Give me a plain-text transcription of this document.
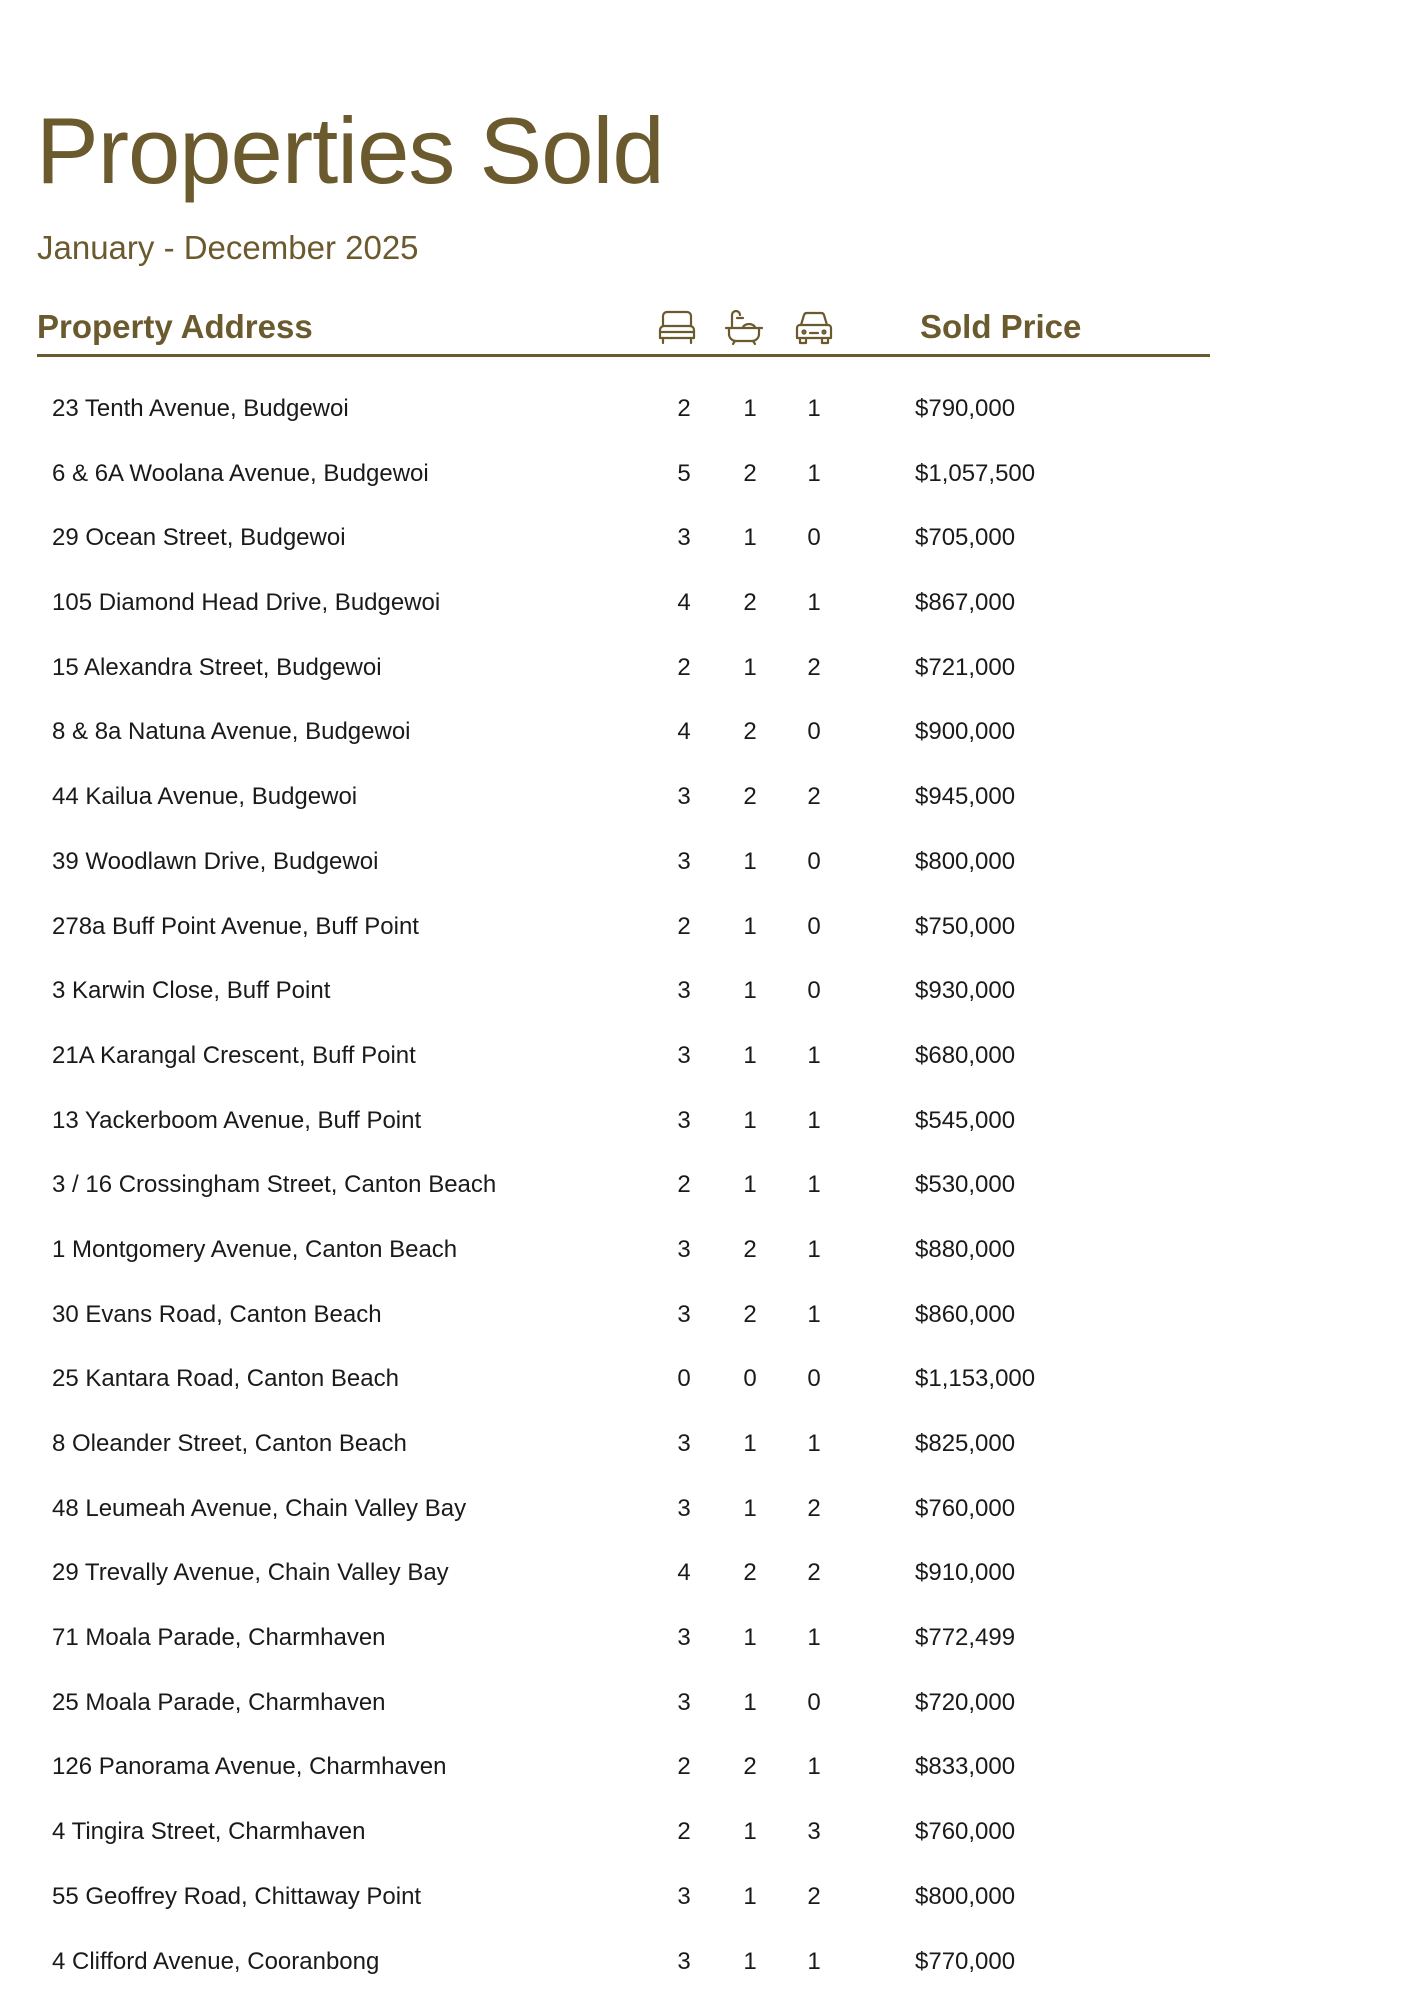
Properties Sold

January - December 2025

Property Address	Sold Price
23 Tenth Avenue, Budgewoi	2 1 1	$790,000
6 & 6A Woolana Avenue, Budgewoi	5 2 1	$1,057,500
29 Ocean Street, Budgewoi	3 1 0	$705,000
105 Diamond Head Drive, Budgewoi	4 2 1	$867,000
15 Alexandra Street, Budgewoi	2 1 2	$721,000
8 & 8a Natuna Avenue, Budgewoi	4 2 0	$900,000
44 Kailua Avenue, Budgewoi	3 2 2	$945,000
39 Woodlawn Drive, Budgewoi	3 1 0	$800,000
278a Buff Point Avenue, Buff Point	2 1 0	$750,000
3 Karwin Close, Buff Point	3 1 0	$930,000
21A Karangal Crescent, Buff Point	3 1 1	$680,000
13 Yackerboom Avenue, Buff Point	3 1 1	$545,000
3 / 16 Crossingham Street, Canton Beach	2 1 1	$530,000
1 Montgomery Avenue, Canton Beach	3 2 1	$880,000
30 Evans Road, Canton Beach	3 2 1	$860,000
25 Kantara Road, Canton Beach	0 0 0	$1,153,000
8 Oleander Street, Canton Beach	3 1 1	$825,000
48 Leumeah Avenue, Chain Valley Bay	3 1 2	$760,000
29 Trevally Avenue, Chain Valley Bay	4 2 2	$910,000
71 Moala Parade, Charmhaven	3 1 1	$772,499
25 Moala Parade, Charmhaven	3 1 0	$720,000
126 Panorama Avenue, Charmhaven	2 2 1	$833,000
4 Tingira Street, Charmhaven	2 1 3	$760,000
55 Geoffrey Road, Chittaway Point	3 1 2	$800,000
4 Clifford Avenue, Cooranbong	3 1 1	$770,000
